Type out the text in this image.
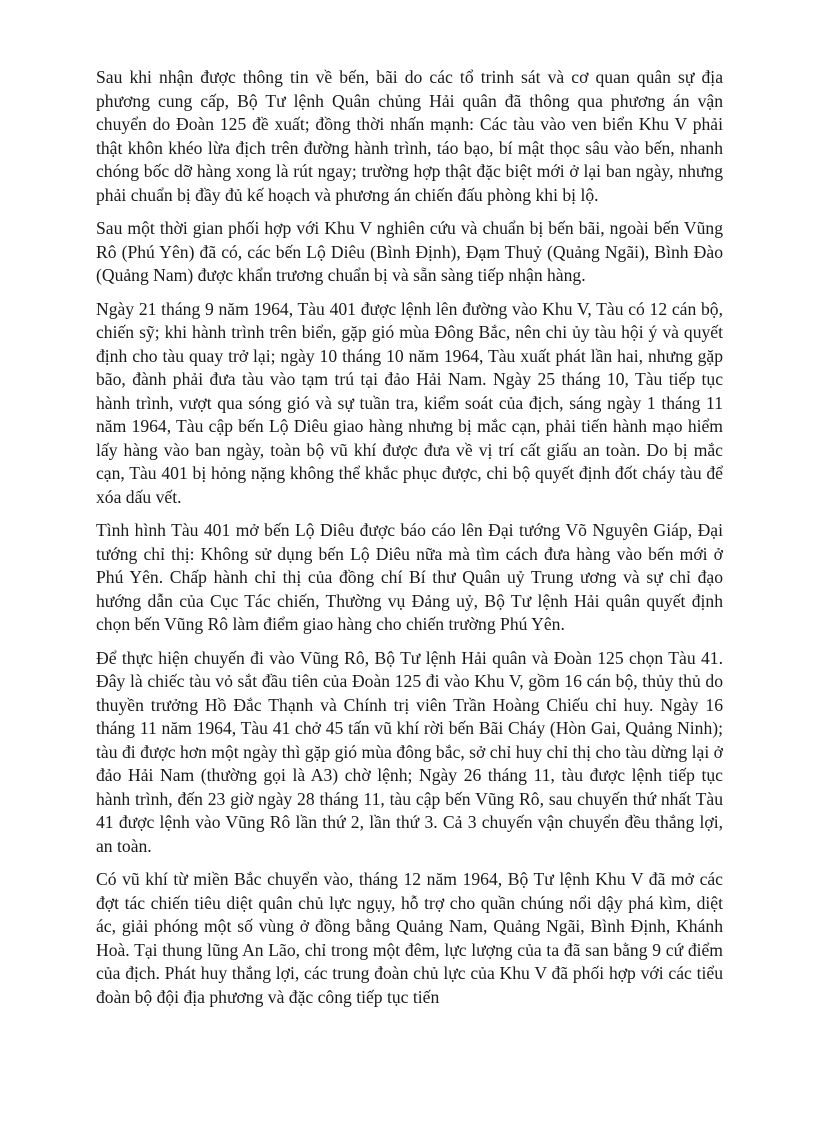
Sau khi nhận được thông tin về bến, bãi do các tổ trinh sát và cơ quan quân sự địa phương cung cấp, Bộ Tư lệnh Quân chủng Hải quân đã thông qua phương án vận chuyển do Đoàn 125 đề xuất; đồng thời nhấn mạnh: Các tàu vào ven biển Khu V phải thật khôn khéo lừa địch trên đường hành trình, táo bạo, bí mật thọc sâu vào bến, nhanh chóng bốc dỡ hàng xong là rút ngay; trường hợp thật đặc biệt mới ở lại ban ngày, nhưng phải chuẩn bị đầy đủ kế hoạch và phương án chiến đấu phòng khi bị lộ.

Sau một thời gian phối hợp với Khu V nghiên cứu và chuẩn bị bến bãi, ngoài bến Vũng Rô (Phú Yên) đã có, các bến Lộ Diêu (Bình Định), Đạm Thuỷ (Quảng Ngãi), Bình Đào (Quảng Nam) được khẩn trương chuẩn bị và sẵn sàng tiếp nhận hàng.

Ngày 21 tháng 9 năm 1964, Tàu 401 được lệnh lên đường vào Khu V, Tàu có 12 cán bộ, chiến sỹ; khi hành trình trên biển, gặp gió mùa Đông Bắc, nên chi ủy tàu hội ý và quyết định cho tàu quay trở lại; ngày 10 tháng 10 năm 1964, Tàu xuất phát lần hai, nhưng gặp bão, đành phải đưa tàu vào tạm trú tại đảo Hải Nam. Ngày 25 tháng 10, Tàu tiếp tục hành trình, vượt qua sóng gió và sự tuần tra, kiểm soát của địch, sáng ngày 1 tháng 11 năm 1964, Tàu cập bến Lộ Diêu giao hàng nhưng bị mắc cạn, phải tiến hành mạo hiểm lấy hàng vào ban ngày, toàn bộ vũ khí được đưa về vị trí cất giấu an toàn. Do bị mắc cạn, Tàu 401 bị hỏng nặng không thể khắc phục được, chi bộ quyết định đốt cháy tàu để xóa dấu vết.

Tình hình Tàu 401 mở bến Lộ Diêu được báo cáo lên Đại tướng Võ Nguyên Giáp, Đại tướng chỉ thị: Không sử dụng bến Lộ Diêu nữa mà tìm cách đưa hàng vào bến mới ở Phú Yên. Chấp hành chỉ thị của đồng chí Bí thư Quân uỷ Trung ương và sự chỉ đạo hướng dẫn của Cục Tác chiến, Thường vụ Đảng uỷ, Bộ Tư lệnh Hải quân quyết định chọn bến Vũng Rô làm điểm giao hàng cho chiến trường Phú Yên.

Để thực hiện chuyến đi vào Vũng Rô, Bộ Tư lệnh Hải quân và Đoàn 125 chọn Tàu 41. Đây là chiếc tàu vỏ sắt đầu tiên của Đoàn 125 đi vào Khu V, gồm 16 cán bộ, thủy thủ do thuyền trưởng Hồ Đắc Thạnh và Chính trị viên Trần Hoàng Chiếu chỉ huy. Ngày 16 tháng 11 năm 1964, Tàu 41 chở 45 tấn vũ khí rời bến Bãi Cháy (Hòn Gai, Quảng Ninh); tàu đi được hơn một ngày thì gặp gió mùa đông bắc, sở chỉ huy chỉ thị cho tàu dừng lại ở đảo Hải Nam (thường gọi là A3) chờ lệnh; Ngày 26 tháng 11, tàu được lệnh tiếp tục hành trình, đến 23 giờ ngày 28 tháng 11, tàu cập bến Vũng Rô, sau chuyến thứ nhất Tàu 41 được lệnh vào Vũng Rô lần thứ 2, lần thứ 3. Cả 3 chuyến vận chuyển đều thắng lợi, an toàn.

Có vũ khí từ miền Bắc chuyển vào, tháng 12 năm 1964, Bộ Tư lệnh Khu V đã mở các đợt tác chiến tiêu diệt quân chủ lực ngụy, hỗ trợ cho quần chúng nổi dậy phá kìm, diệt ác, giải phóng một số vùng ở đồng bằng Quảng Nam, Quảng Ngãi, Bình Định, Khánh Hoà. Tại thung lũng An Lão, chỉ trong một đêm, lực lượng của ta đã san bằng 9 cứ điểm của địch. Phát huy thắng lợi, các trung đoàn chủ lực của Khu V đã phối hợp với các tiểu đoàn bộ đội địa phương và đặc công tiếp tục tiến
